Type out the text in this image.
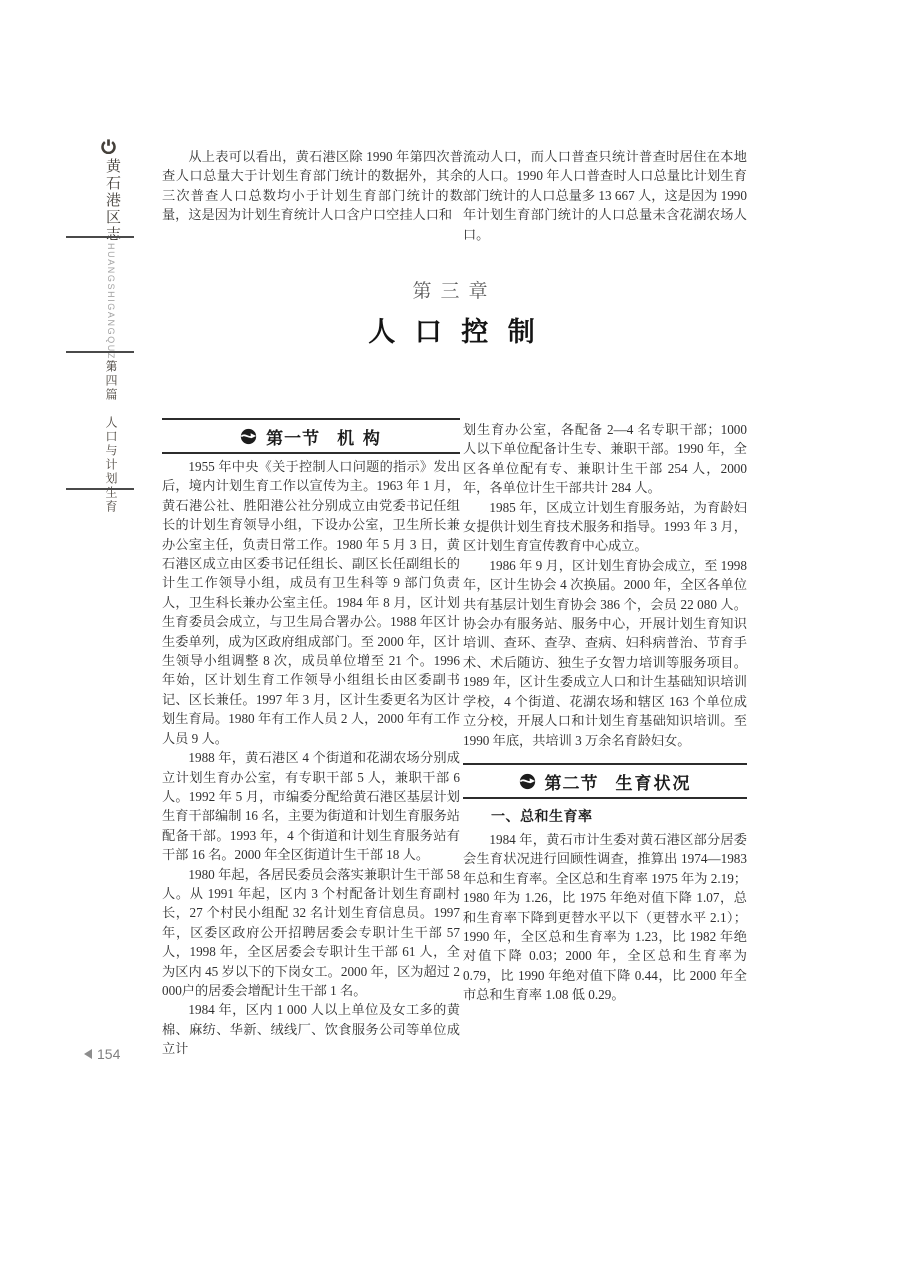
黄石港区志
HUANGSHIGANGQUZHI
第四篇人口与计划生育
154

从上表可以看出，黄石港区除 1990 年第四次普查人口总量大于计划生育部门统计的数据外，其余三次普查人口总数均小于计划生育部门统计的数量，这是因为计划生育统计人口含户口空挂人口和

流动人口，而人口普查只统计普查时居住在本地的人口。1990 年人口普查时人口总量比计划生育部门统计的人口总量多 13 667 人，这是因为 1990 年计划生育部门统计的人口总量未含花湖农场人口。

第三章
人 口 控 制
第一节 机 构

1955 年中央《关于控制人口问题的指示》发出后，境内计划生育工作以宣传为主。1963 年 1 月，黄石港公社、胜阳港公社分别成立由党委书记任组长的计划生育领导小组，下设办公室，卫生所长兼办公室主任，负责日常工作。1980 年 5 月 3 日，黄石港区成立由区委书记任组长、副区长任副组长的计生工作领导小组，成员有卫生科等 9 部门负责人，卫生科长兼办公室主任。1984 年 8 月，区计划生育委员会成立，与卫生局合署办公。1988 年区计生委单列，成为区政府组成部门。至 2000 年，区计生领导小组调整 8 次，成员单位增至 21 个。1996 年始，区计划生育工作领导小组组长由区委副书记、区长兼任。1997 年 3 月，区计生委更名为区计划生育局。1980 年有工作人员 2 人，2000 年有工作人员 9 人。

1988 年，黄石港区 4 个街道和花湖农场分别成立计划生育办公室，有专职干部 5 人，兼职干部 6 人。1992 年 5 月，市编委分配给黄石港区基层计划生育干部编制 16 名，主要为街道和计划生育服务站配备干部。1993 年，4 个街道和计划生育服务站有干部 16 名。2000 年全区街道计生干部 18 人。

1980 年起，各居民委员会落实兼职计生干部 58 人。从 1991 年起，区内 3 个村配备计划生育副村长，27 个村民小组配 32 名计划生育信息员。1997 年，区委区政府公开招聘居委会专职计生干部 57 人，1998 年，全区居委会专职计生干部 61 人，全为区内 45 岁以下的下岗女工。2000 年，区为超过 2 000户的居委会增配计生干部 1 名。

1984 年，区内 1 000 人以上单位及女工多的黄棉、麻纺、华新、绒线厂、饮食服务公司等单位成立计

划生育办公室，各配备 2—4 名专职干部；1000 人以下单位配备计生专、兼职干部。1990 年，全区各单位配有专、兼职计生干部 254 人，2000 年，各单位计生干部共计 284 人。

1985 年，区成立计划生育服务站，为育龄妇女提供计划生育技术服务和指导。1993 年 3 月，区计划生育宣传教育中心成立。

1986 年 9 月，区计划生育协会成立，至 1998 年，区计生协会 4 次换届。2000 年，全区各单位共有基层计划生育协会 386 个，会员 22 080 人。协会办有服务站、服务中心，开展计划生育知识培训、查环、查孕、查病、妇科病普治、节育手术、术后随访、独生子女智力培训等服务项目。1989 年，区计生委成立人口和计生基础知识培训学校，4 个街道、花湖农场和辖区 163 个单位成立分校，开展人口和计划生育基础知识培训。至 1990 年底，共培训 3 万余名育龄妇女。

第二节 生育状况

一、总和生育率

1984 年，黄石市计生委对黄石港区部分居委会生育状况进行回顾性调查，推算出 1974—1983 年总和生育率。全区总和生育率 1975 年为 2.19；1980 年为 1.26，比 1975 年绝对值下降 1.07，总和生育率下降到更替水平以下（更替水平 2.1）；1990 年，全区总和生育率为 1.23，比 1982 年绝对值下降 0.03；2000 年，全区总和生育率为 0.79，比 1990 年绝对值下降 0.44，比 2000 年全市总和生育率 1.08 低 0.29。
